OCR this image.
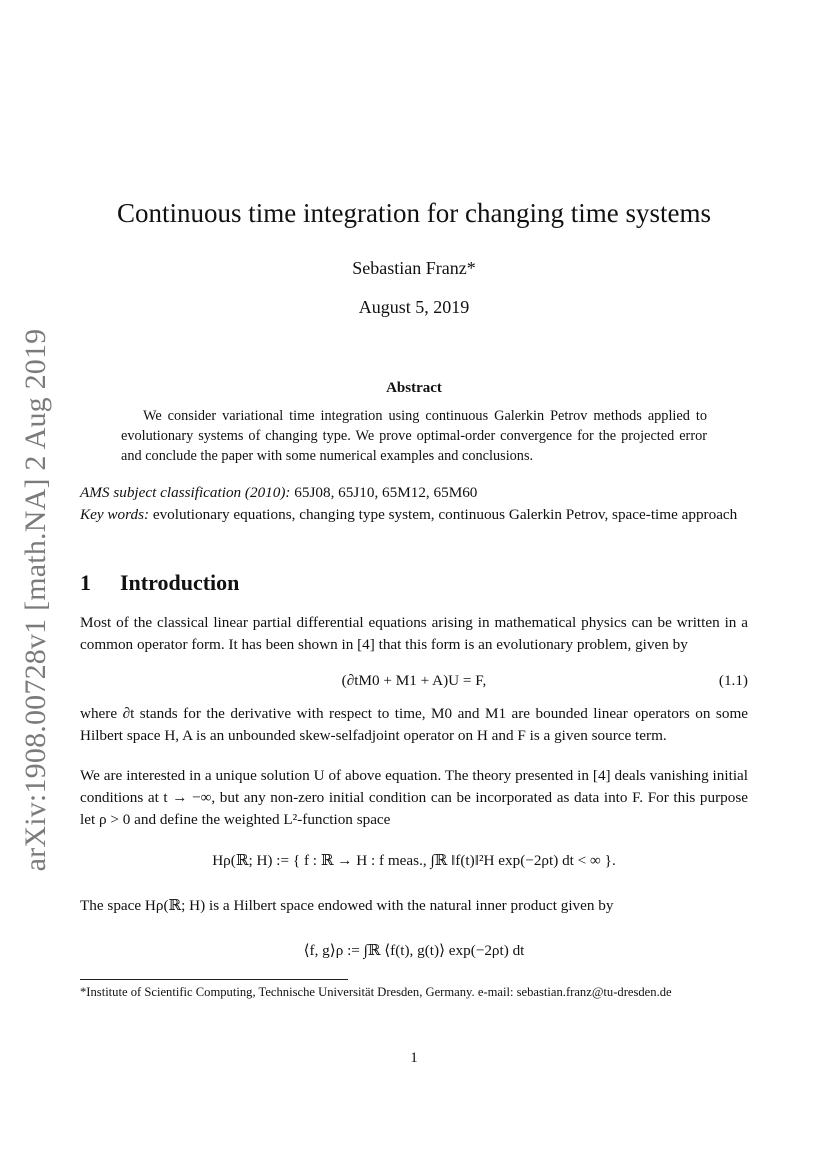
arXiv:1908.00728v1 [math.NA] 2 Aug 2019
Continuous time integration for changing time systems
Sebastian Franz*
August 5, 2019
Abstract

We consider variational time integration using continuous Galerkin Petrov methods applied to evolutionary systems of changing type. We prove optimal-order convergence for the projected error and conclude the paper with some numerical examples and conclusions.

AMS subject classification (2010): 65J08, 65J10, 65M12, 65M60

Key words: evolutionary equations, changing type system, continuous Galerkin Petrov, space-time approach

1 Introduction

Most of the classical linear partial differential equations arising in mathematical physics can be written in a common operator form. It has been shown in [4] that this form is an evolutionary problem, given by

(∂tM0 + M1 + A)U = F,	(1.1)

where ∂t stands for the derivative with respect to time, M0 and M1 are bounded linear operators on some Hilbert space H, A is an unbounded skew-selfadjoint operator on H and F is a given source term.

We are interested in a unique solution U of above equation. The theory presented in [4] deals vanishing initial conditions at t → −∞, but any non-zero initial condition can be incorporated as data into F. For this purpose let ρ > 0 and define the weighted L²-function space

Hρ(ℝ; H) := { f : ℝ → H : f meas., ∫ℝ ‖f(t)‖²H exp(−2ρt) dt < ∞ }.

The space Hρ(ℝ; H) is a Hilbert space endowed with the natural inner product given by

⟨f, g⟩ρ := ∫ℝ ⟨f(t), g(t)⟩ exp(−2ρt) dt
*Institute of Scientific Computing, Technische Universität Dresden, Germany. e-mail: sebastian.franz@tu-dresden.de
1
